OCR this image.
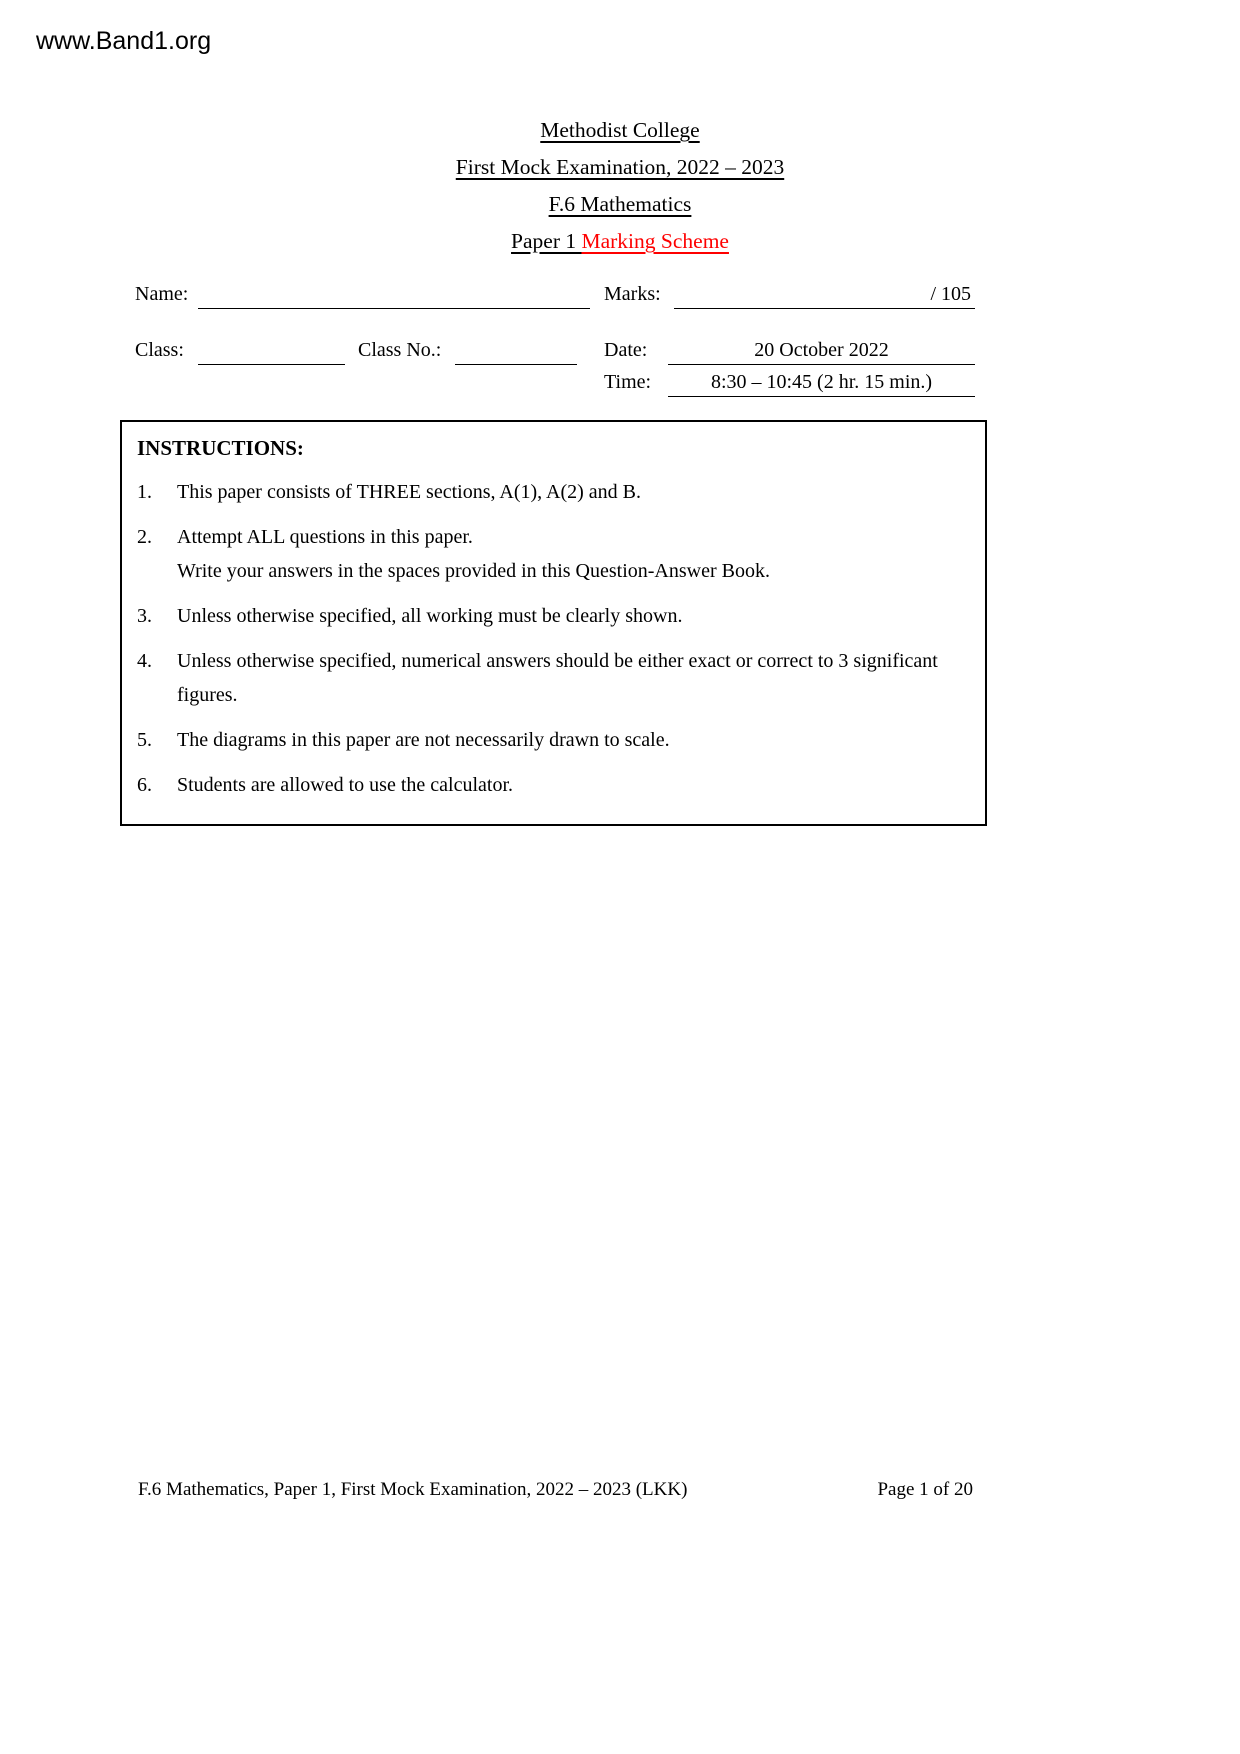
www.Band1.org
Methodist College
First Mock Examination, 2022 – 2023
F.6 Mathematics
Paper 1 Marking Scheme
Name:	Marks:	/ 105
Class:	Class No.:	Date:	20 October 2022
Time:	8:30 – 10:45 (2 hr. 15 min.)
INSTRUCTIONS:
1.	This paper consists of THREE sections, A(1), A(2) and B.
2.	Attempt ALL questions in this paper.
Write your answers in the spaces provided in this Question-Answer Book.
3.	Unless otherwise specified, all working must be clearly shown.
4.	Unless otherwise specified, numerical answers should be either exact or correct to 3 significant figures.
5.	The diagrams in this paper are not necessarily drawn to scale.
6.	Students are allowed to use the calculator.
F.6 Mathematics, Paper 1, First Mock Examination, 2022 – 2023 (LKK)	Page 1 of 20
